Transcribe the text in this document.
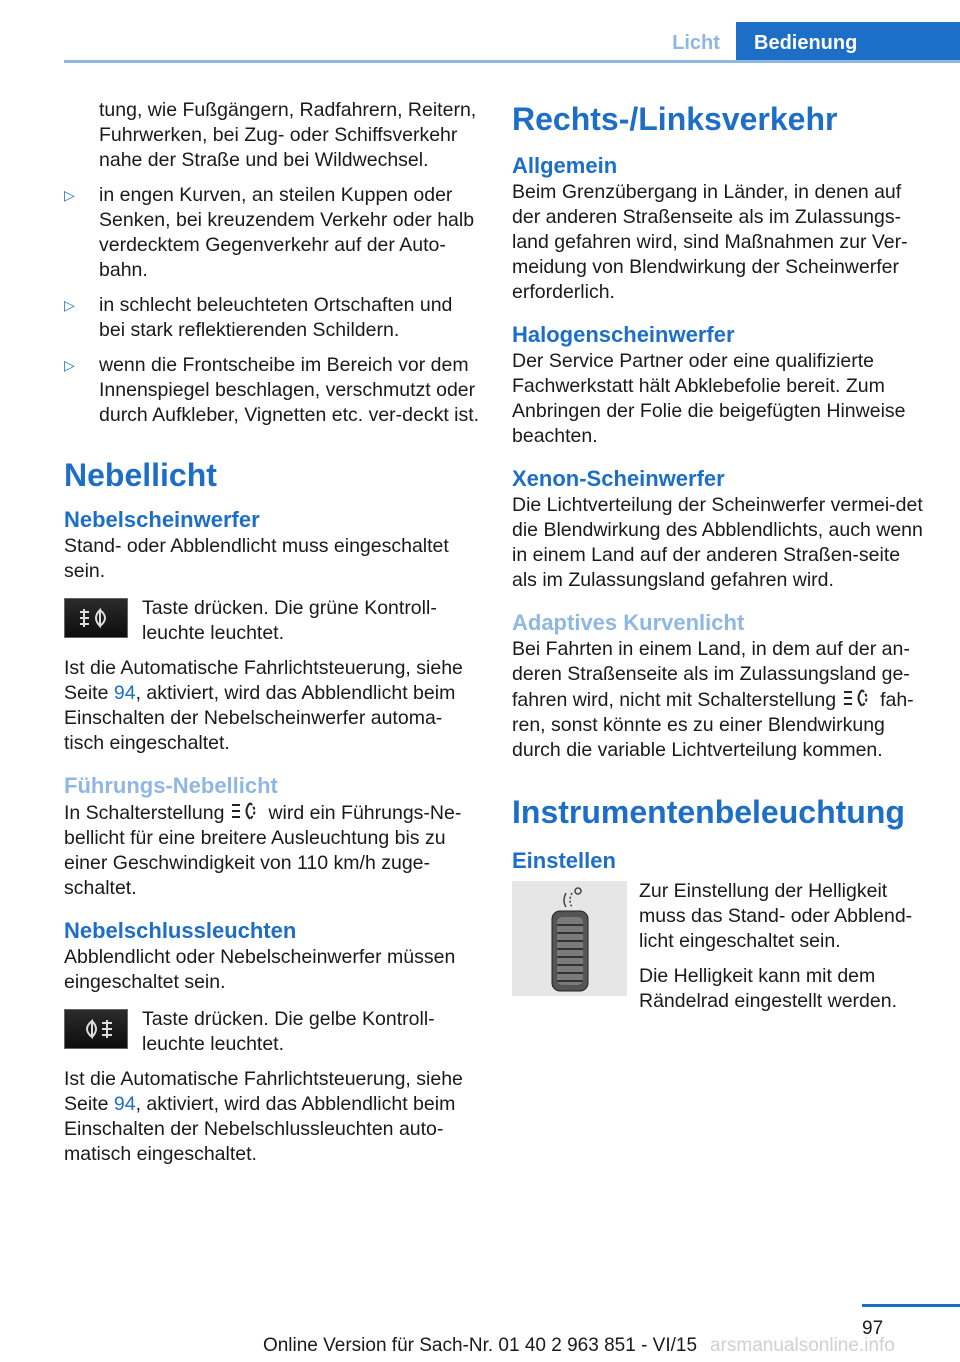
Licht	Bedienung

tung, wie Fußgängern, Radfahrern, Reitern, Fuhrwerken, bei Zug- oder Schiffsverkehr nahe der Straße und bei Wildwechsel.

▷ in engen Kurven, an steilen Kuppen oder Senken, bei kreuzendem Verkehr oder halb verdecktem Gegenverkehr auf der Auto‐bahn.
▷ in schlecht beleuchteten Ortschaften und bei stark reflektierenden Schildern.
▷ wenn die Frontscheibe im Bereich vor dem Innenspiegel beschlagen, verschmutzt oder durch Aufkleber, Vignetten etc. ver‐deckt ist.
Nebellicht
Nebelscheinwerfer

Stand- oder Abblendlicht muss eingeschaltet sein.

Taste drücken. Die grüne Kontroll‐leuchte leuchtet.

Ist die Automatische Fahrlichtsteuerung, siehe Seite 94, aktiviert, wird das Abblendlicht beim Einschalten der Nebelscheinwerfer automa‐tisch eingeschaltet.

Führungs-Nebellicht

In Schalterstellung wird ein Führungs-Ne‐bellicht für eine breitere Ausleuchtung bis zu einer Geschwindigkeit von 110 km/h zuge‐schaltet.

Nebelschlussleuchten

Abblendlicht oder Nebelscheinwerfer müssen eingeschaltet sein.

Taste drücken. Die gelbe Kontroll‐leuchte leuchtet.

Ist die Automatische Fahrlichtsteuerung, siehe Seite 94, aktiviert, wird das Abblendlicht beim Einschalten der Nebelschlussleuchten auto‐matisch eingeschaltet.

Rechts-/Linksverkehr
Allgemein

Beim Grenzübergang in Länder, in denen auf der anderen Straßenseite als im Zulassungs‐land gefahren wird, sind Maßnahmen zur Ver‐meidung von Blendwirkung der Scheinwerfer erforderlich.

Halogenscheinwerfer

Der Service Partner oder eine qualifizierte Fachwerkstatt hält Abklebefolie bereit. Zum Anbringen der Folie die beigefügten Hinweise beachten.

Xenon-Scheinwerfer

Die Lichtverteilung der Scheinwerfer vermei‐det die Blendwirkung des Abblendlichts, auch wenn in einem Land auf der anderen Straßen‐seite als im Zulassungsland gefahren wird.

Adaptives Kurvenlicht

Bei Fahrten in einem Land, in dem auf der an‐deren Straßenseite als im Zulassungsland ge‐fahren wird, nicht mit Schalterstellung fah‐ren, sonst könnte es zu einer Blendwirkung durch die variable Lichtverteilung kommen.

Instrumentenbeleuchtung
Einstellen

Zur Einstellung der Helligkeit muss das Stand- oder Abblend‐licht eingeschaltet sein.

Die Helligkeit kann mit dem Rändelrad eingestellt werden.

97
Online Version für Sach-Nr. 01 40 2 963 851 - VI/15 arsmanualsonline.info
